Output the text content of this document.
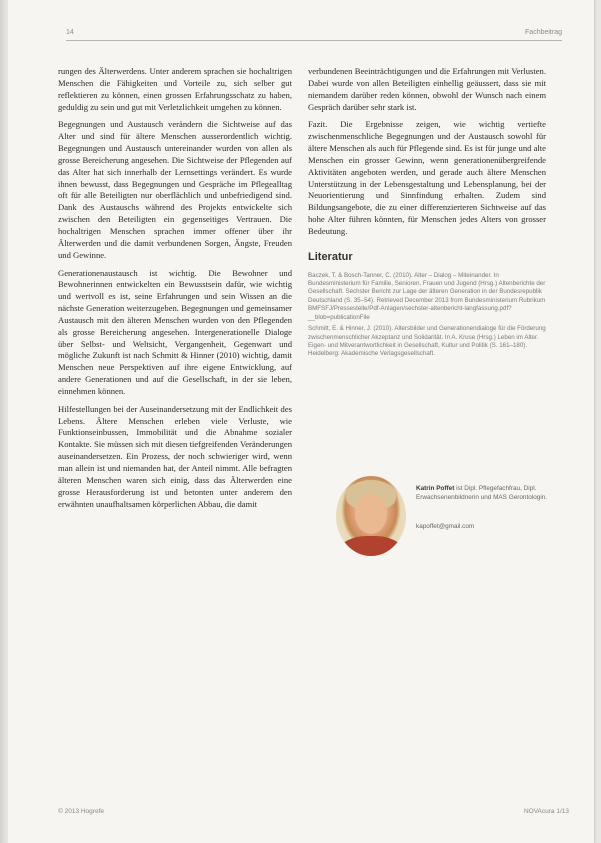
14	Fachbeitrag

rungen des Älterwerdens. Unter anderem sprachen sie hochaltrigen Menschen die Fähigkeiten und Vorteile zu, sich selber gut reflektieren zu können, einen grossen Erfahrungsschatz zu haben, geduldig zu sein und gut mit Verletzlichkeit umgehen zu können.

Begegnungen und Austausch verändern die Sichtweise auf das Alter und sind für ältere Menschen ausserordentlich wichtig. Begegnungen und Austausch untereinander wurden von allen als grosse Bereicherung angesehen. Die Sichtweise der Pflegenden auf das Alter hat sich innerhalb der Lernsettings verändert. Es wurde ihnen bewusst, dass Begegnungen und Gespräche im Pflegealltag oft für alle Beteiligten nur oberflächlich und unbefriedigend sind. Dank des Austauschs während des Projekts entwickelte sich zwischen den Beteiligten ein gegenseitiges Vertrauen. Die hochaltrigen Menschen sprachen immer offener über ihr Älterwerden und die damit verbundenen Sorgen, Ängste, Freuden und Gewinne.

Generationenaustausch ist wichtig. Die Bewohner und Bewohnerinnen entwickelten ein Bewusstsein dafür, wie wichtig und wertvoll es ist, seine Erfahrungen und sein Wissen an die nächste Generation weiterzugeben. Begegnungen und gemeinsamer Austausch mit den älteren Menschen wurden von den Pflegenden als grosse Bereicherung angesehen. Intergenerationelle Dialoge über Selbst- und Weltsicht, Vergangenheit, Gegenwart und mögliche Zukunft ist nach Schmitt & Hinner (2010) wichtig, damit Menschen neue Perspektiven auf ihre eigene Entwicklung, auf andere Generationen und auf die Gesellschaft, in der sie leben, einnehmen können.

Hilfestellungen bei der Auseinandersetzung mit der Endlichkeit des Lebens. Ältere Menschen erleben viele Verluste, wie Funktionseinbussen, Immobilität und die Abnahme sozialer Kontakte. Sie müssen sich mit diesen tiefgreifenden Veränderungen auseinandersetzen. Ein Prozess, der noch schwieriger wird, wenn man allein ist und niemanden hat, der Anteil nimmt. Alle befragten älteren Menschen waren sich einig, dass das Älterwerden eine grosse Herausforderung ist und betonten unter anderem den erwähnten unaufhaltsamen körperlichen Abbau, die damit

verbundenen Beeinträchtigungen und die Erfahrungen mit Verlusten. Dabei wurde von allen Beteiligten einhellig geäussert, dass sie mit niemandem darüber reden können, obwohl der Wunsch nach einem Gespräch darüber sehr stark ist.

Fazit. Die Ergebnisse zeigen, wie wichtig vertiefte zwischenmenschliche Begegnungen und der Austausch sowohl für ältere Menschen als auch für Pflegende sind. Es ist für junge und alte Menschen ein grosser Gewinn, wenn generationenübergreifende Aktivitäten angeboten werden, und gerade auch ältere Menschen Unterstützung in der Lebensgestaltung und Lebensplanung, bei der Neuorientierung und Sinnfindung erhalten. Zudem sind Bildungsangebote, die zu einer differenzierteren Sichtweise auf das hohe Alter führen könnten, für Menschen jedes Alters von grosser Bedeutung.

Literatur

Baczek, T. & Bosch-Tanner, C. (2010). Alter – Dialog – Miteinander. In Bundesministerium für Familie, Senioren, Frauen und Jugend (Hrsg.) Altenberichte der Gesellschaft. Sechster Bericht zur Lage der älteren Generation in der Bundesrepublik Deutschland (S. 35–54). Retrieved December 2013 from Bundesministerium Rubrikum BMFSFJ/Pressestelle/Pdf-Anlagen/sechster-altenbericht-langfassung.pdf?__blob=publicationFile

Schmitt, E. & Hinner, J. (2010). Altersbilder und Generationendialoge für die Förderung zwischenmenschlicher Akzeptanz und Solidarität. In A. Kruse (Hrsg.) Leben im Alter. Eigen- und Mitverantwortlichkeit in Gesellschaft, Kultur und Politik (S. 161–180). Heidelberg: Akademische Verlagsgesellschaft.

Katrin Poffet ist Dipl. Pflegefachfrau, Dipl. Erwachsenenbildnerin und MAS Gerontologin.
kapoffet@gmail.com
© 2013 Hogrefe	NOVAcura 1/13
